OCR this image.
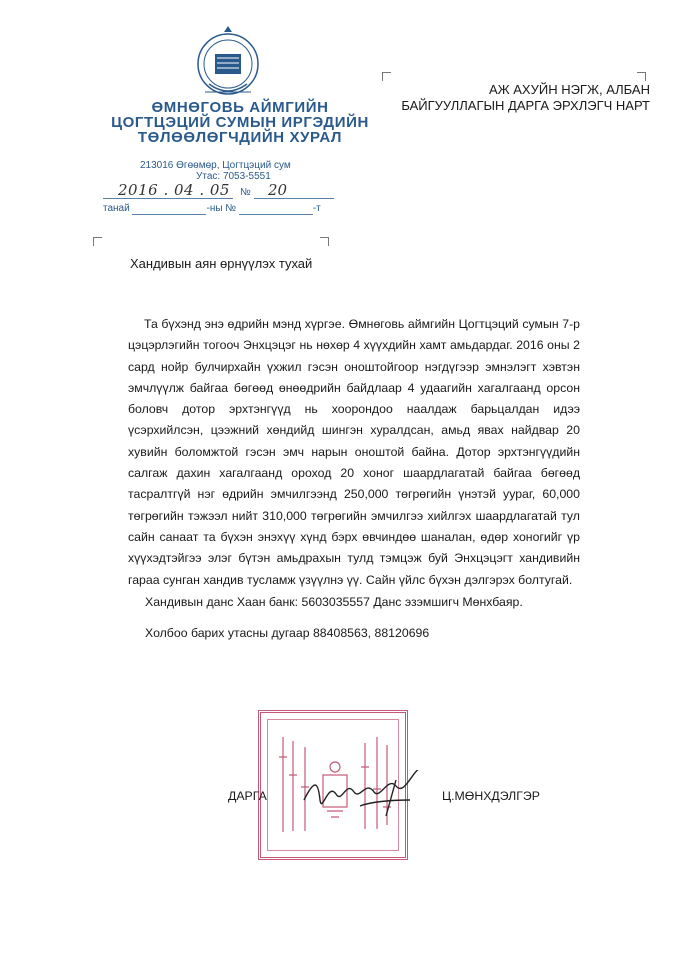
ӨМНӨГОВЬ АЙМГИЙН
ЦОГТЦЭЦИЙ СУМЫН ИРГЭДИЙН
ТӨЛӨӨЛӨГЧДИЙН ХУРАЛ
213016 Өгөөмөр, Цогтцэций сум
Утас: 7053-5551
2016 . 04 . 05 № 20
танай	-ны №	-т
АЖ АХУЙН НЭГЖ, АЛБАН
БАЙГУУЛЛАГЫН ДАРГА ЭРХЛЭГЧ НАРТ
Хандивын аян өрнүүлэх тухай
Та бүхэнд энэ өдрийн мэнд хүргэе. Өмнөговь аймгийн Цогтцэций сумын 7-р цэцэрлэгийн тогооч Энхцэцэг нь нөхөр 4 хүүхдийн хамт амьдардаг. 2016 оны 2 сард нойр булчирхайн үхжил гэсэн оноштойгоор нэгдүгээр эмнэлэгт хэвтэн эмчлүүлж байгаа бөгөөд өнөөдрийн байдлаар 4 удаагийн хагалгаанд орсон боловч дотор эрхтэнгүүд нь хоорондоо наалдаж барьцалдан идээ үсэрхийлсэн, цээжний хөндийд шингэн хуралдсан, амьд явах найдвар 20 хувийн боломжтой гэсэн эмч нарын оноштой байна. Дотор эрхтэнгүүдийн салгаж дахин хагалгаанд ороход 20 хоног шаардлагатай байгаа бөгөөд тасралтгүй нэг өдрийн эмчилгээнд 250,000 төгрөгийн үнэтэй уураг, 60,000 төгрөгийн тэжээл нийт 310,000 төгрөгийн эмчилгээ хийлгэх шаардлагатай тул сайн санаат та бүхэн энэхүү хүнд бэрх өвчиндөө шаналан, өдөр хоногийг үр хүүхэдтэйгээ элэг бүтэн амьдрахын тулд тэмцэж буй Энхцэцэгт хандивийн гараа сунган хандив тусламж үзүүлнэ үү. Сайн үйлс бүхэн дэлгэрэх болтугай.
Хандивын данс Хаан банк: 5603035557 Данс эзэмшигч Мөнхбаяр.
Холбоо барих утасны дугаар 88408563, 88120696
ДАРГА	Ц.МӨНХДЭЛГЭР
